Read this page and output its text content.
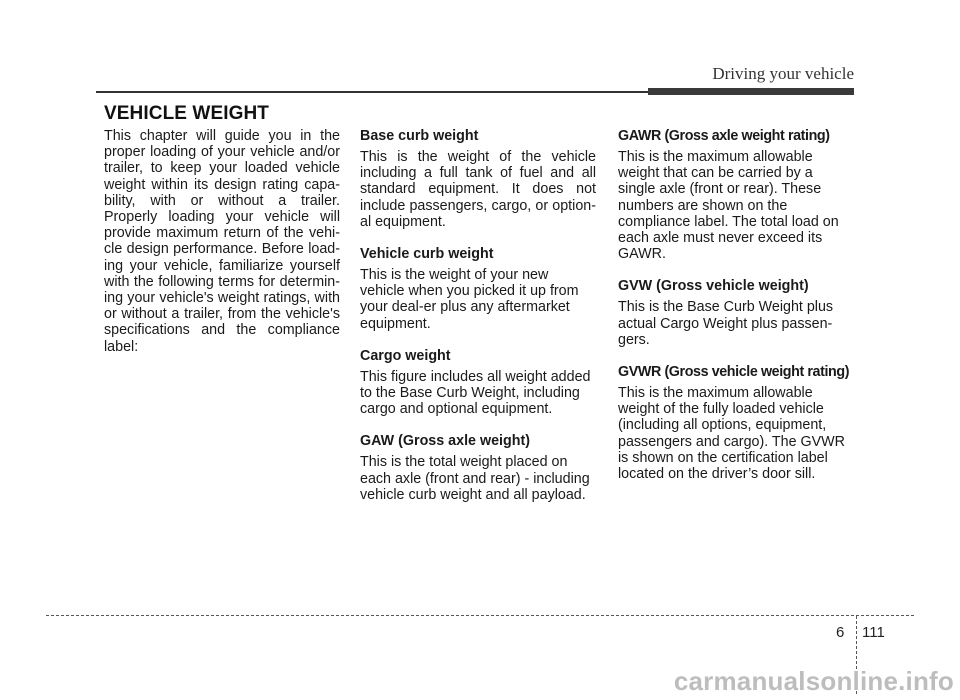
Driving your vehicle
VEHICLE WEIGHT

This chapter will guide you in the proper loading of your vehicle and/or trailer, to keep your loaded vehicle weight within its design rating capa-bility, with or without a trailer. Properly loading your vehicle will provide maximum return of the vehi-cle design performance. Before load-ing your vehicle, familiarize yourself with the following terms for determin-ing your vehicle's weight ratings, with or without a trailer, from the vehicle's specifications and the compliance label:

Base curb weight

This is the weight of the vehicle including a full tank of fuel and all standard equipment. It does not include passengers, cargo, or option-al equipment.

Vehicle curb weight

This is the weight of your new vehicle when you picked it up from your deal-er plus any aftermarket equipment.

Cargo weight

This figure includes all weight added to the Base Curb Weight, including cargo and optional equipment.

GAW (Gross axle weight)

This is the total weight placed on each axle (front and rear) - including vehicle curb weight and all payload.

GAWR (Gross axle weight rating)

This is the maximum allowable weight that can be carried by a single axle (front or rear). These numbers are shown on the compliance label. The total load on each axle must never exceed its GAWR.

GVW (Gross vehicle weight)

This is the Base Curb Weight plus actual Cargo Weight plus passen-gers.

GVWR (Gross vehicle weight rating)

This is the maximum allowable weight of the fully loaded vehicle (including all options, equipment, passengers and cargo). The GVWR is shown on the certification label located on the driver’s door sill.

6 111
carmanualsonline.info
